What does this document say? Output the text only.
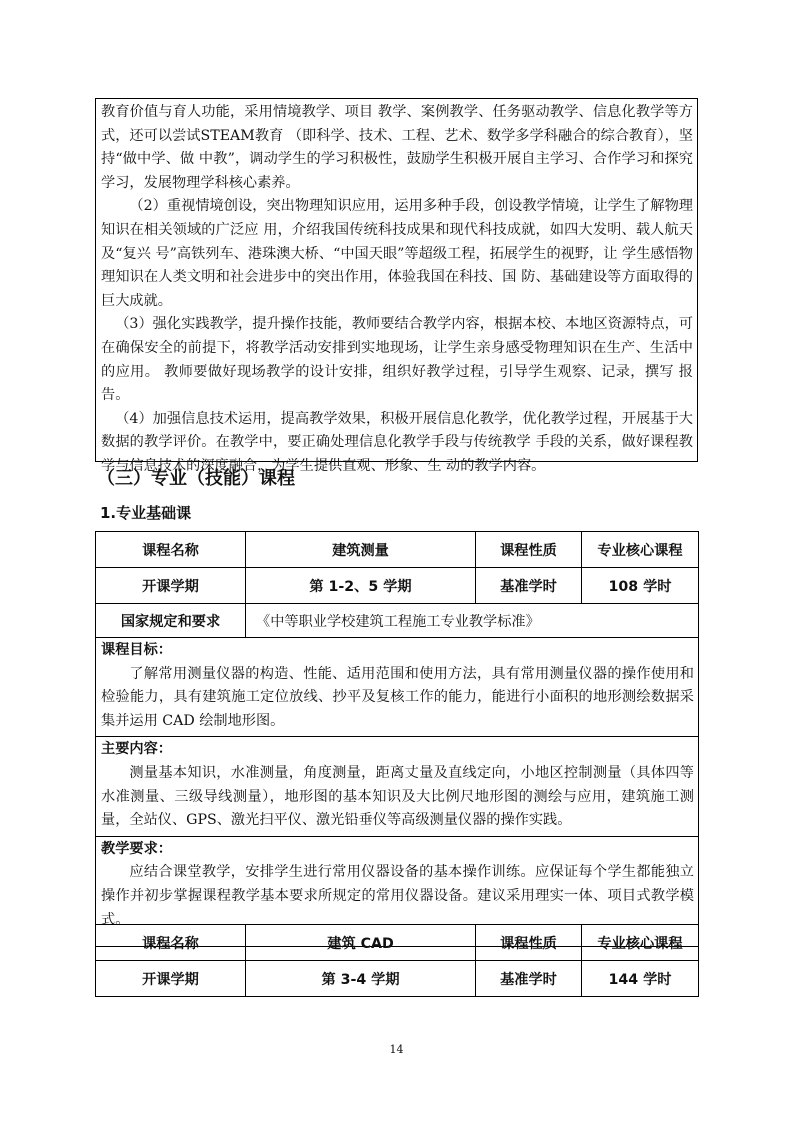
教育价值与育人功能，采用情境教学、项目 教学、案例教学、任务驱动教学、信息化教学等方式，还可以尝试STEAM教育 （即科学、技术、工程、艺术、数学多学科融合的综合教育），坚持“做中学、做 中教”，调动学生的学习积极性，鼓励学生积极开展自主学习、合作学习和探究 学习，发展物理学科核心素养。

（2）重视情境创设，突出物理知识应用，运用多种手段，创设教学情境，让学生了解物理知识在相关领域的广泛应 用，介绍我国传统科技成果和现代科技成就，如四大发明、载人航天及“复兴 号”高铁列车、港珠澳大桥、“中国天眼”等超级工程，拓展学生的视野，让 学生感悟物理知识在人类文明和社会进步中的突出作用，体验我国在科技、国 防、基础建设等方面取得的巨大成就。

（3）强化实践教学，提升操作技能，教师要结合教学内容，根据本校、本地区资源特点，可在确保安全的前提下，将教学活动安排到实地现场，让学生亲身感受物理知识在生产、生活中的应用。 教师要做好现场教学的设计安排，组织好教学过程，引导学生观察、记录，撰写 报告。

（4）加强信息技术运用，提高教学效果，积极开展信息化教学，优化教学过程，开展基于大数据的教学评价。在教学中，要正确处理信息化教学手段与传统教学 手段的关系，做好课程教学与信息技术的深度融合，为学生提供直观、形象、生 动的教学内容。

（三）专业（技能）课程
1.专业基础课
课程名称	建筑测量	课程性质	专业核心课程
开课学期	第 1-2、5 学期	基准学时	108 学时
国家规定和要求	《中等职业学校建筑工程施工专业教学标准》		

课程目标：

了解常用测量仪器的构造、性能、适用范围和使用方法，具有常用测量仪器的操作使用和检验能力，具有建筑施工定位放线、抄平及复核工作的能力，能进行小面积的地形测绘数据采集并运用 CAD 绘制地形图。			

主要内容：

测量基本知识，水准测量，角度测量，距离丈量及直线定向，小地区控制测量（具体四等水准测量、三级导线测量），地形图的基本知识及大比例尺地形图的测绘与应用，建筑施工测量，全站仪、GPS、激光扫平仪、激光铅垂仪等高级测量仪器的操作实践。			

教学要求：

应结合课堂教学，安排学生进行常用仪器设备的基本操作训练。应保证每个学生都能独立操作并初步掌握课程教学基本要求所规定的常用仪器设备。建议采用理实一体、项目式教学模式。			

课程名称	建筑 CAD	课程性质	专业核心课程
开课学期	第 3-4 学期	基准学时	144 学时
14
